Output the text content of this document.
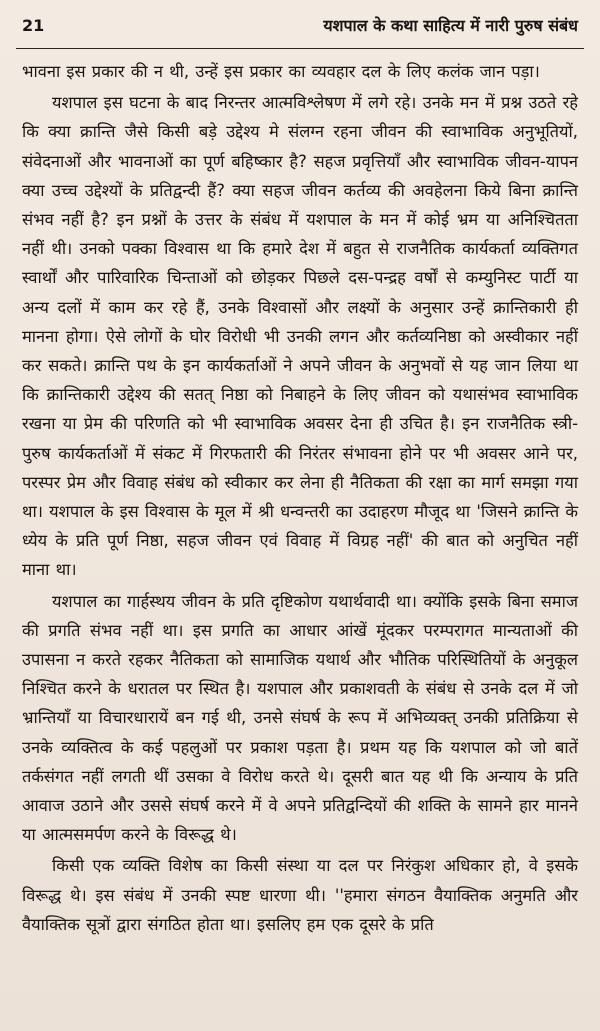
21	यशपाल के कथा साहित्य में नारी पुरुष संबंध

भावना इस प्रकार की न थी, उन्हें इस प्रकार का व्यवहार दल के लिए कलंक जान पड़ा।

यशपाल इस घटना के बाद निरन्तर आत्मविश्लेषण में लगे रहे। उनके मन में प्रश्न उठते रहे कि क्या क्रान्ति जैसे किसी बड़े उद्देश्य मे संलग्न रहना जीवन की स्वाभाविक अनुभूतियों, संवेदनाओं और भावनाओं का पूर्ण बहिष्कार है? सहज प्रवृत्तियाँ और स्वाभाविक जीवन-यापन क्या उच्च उद्देश्यों के प्रतिद्वन्दी हैं? क्या सहज जीवन कर्तव्य की अवहेलना किये बिना क्रान्ति संभव नहीं है? इन प्रश्नों के उत्तर के संबंध में यशपाल के मन में कोई भ्रम या अनिश्चितता नहीं थी। उनको पक्का विश्वास था कि हमारे देश में बहुत से राजनैतिक कार्यकर्ता व्यक्तिगत स्वार्थों और पारिवारिक चिन्ताओं को छोड़कर पिछले दस-पन्द्रह वर्षों से कम्युनिस्ट पार्टी या अन्य दलों में काम कर रहे हैं, उनके विश्वासों और लक्ष्यों के अनुसार उन्हें क्रान्तिकारी ही मानना होगा। ऐसे लोगों के घोर विरोधी भी उनकी लगन और कर्तव्यनिष्ठा को अस्वीकार नहीं कर सकते। क्रान्ति पथ के इन कार्यकर्ताओं ने अपने जीवन के अनुभवों से यह जान लिया था कि क्रान्तिकारी उद्देश्य की सतत् निष्ठा को निबाहने के लिए जीवन को यथासंभव स्वाभाविक रखना या प्रेम की परिणति को भी स्वाभाविक अवसर देना ही उचित है। इन राजनैतिक स्त्री-पुरुष कार्यकर्ताओं में संकट में गिरफतारी की निरंतर संभावना होने पर भी अवसर आने पर, परस्पर प्रेम और विवाह संबंध को स्वीकार कर लेना ही नैतिकता की रक्षा का मार्ग समझा गया था। यशपाल के इस विश्वास के मूल में श्री धन्वन्तरी का उदाहरण मौजूद था 'जिसने क्रान्ति के ध्येय के प्रति पूर्ण निष्ठा, सहज जीवन एवं विवाह में विग्रह नहीं' की बात को अनुचित नहीं माना था।

यशपाल का गार्हस्थय जीवन के प्रति दृष्टिकोण यथार्थवादी था। क्योंकि इसके बिना समाज की प्रगति संभव नहीं था। इस प्रगति का आधार आंखें मूंदकर परम्परागत मान्यताओं की उपासना न करते रहकर नैतिकता को सामाजिक यथार्थ और भौतिक परिस्थितियों के अनुकूल निश्चित करने के धरातल पर स्थित है। यशपाल और प्रकाशवती के संबंध से उनके दल में जो भ्रान्तियाँ या विचारधारायें बन गई थी, उनसे संघर्ष के रूप में अभिव्यक्त् उनकी प्रतिक्रिया से उनके व्यक्तित्व के कई पहलुओं पर प्रकाश पड़ता है। प्रथम यह कि यशपाल को जो बातें तर्कसंगत नहीं लगती थीं उसका वे विरोध करते थे। दूसरी बात यह थी कि अन्याय के प्रति आवाज उठाने और उससे संघर्ष करने में वे अपने प्रतिद्वन्दियों की शक्ति के सामने हार मानने या आत्मसमर्पण करने के विरूद्ध थे।

किसी एक व्यक्ति विशेष का किसी संस्था या दल पर निरंकुश अधिकार हो, वे इसके विरूद्ध थे। इस संबंध में उनकी स्पष्ट धारणा थी। ''हमारा संगठन वैयाक्तिक अनुमति और वैयाक्तिक सूत्रों द्वारा संगठित होता था। इसलिए हम एक दूसरे के प्रति
